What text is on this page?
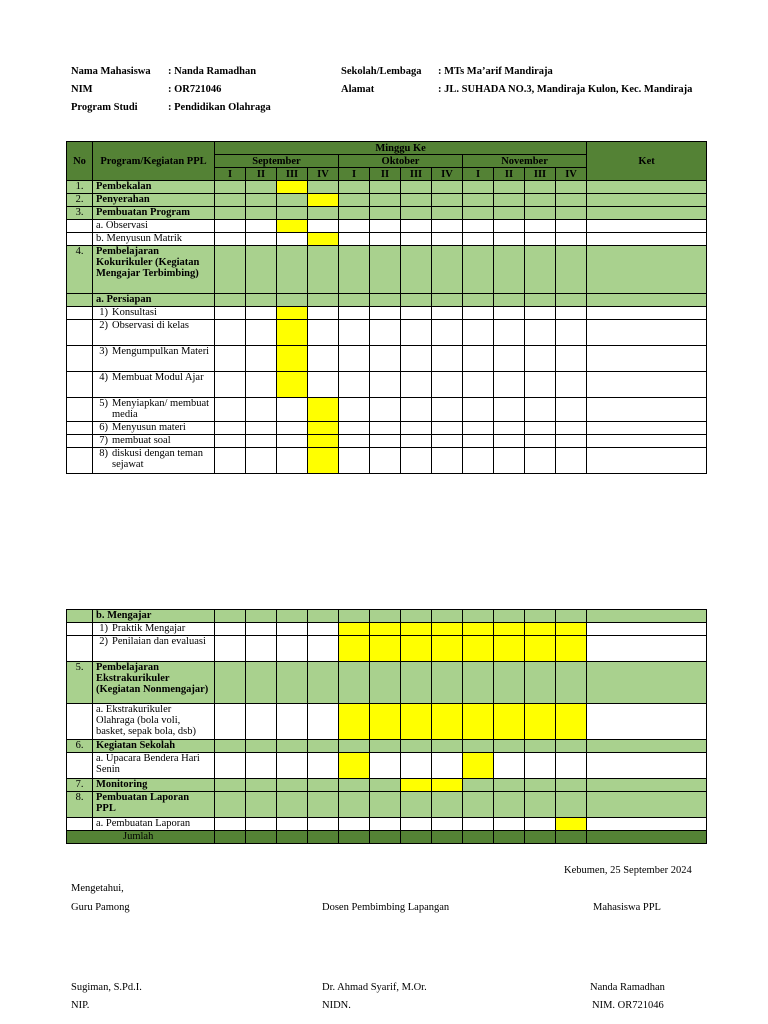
Nama Mahasiswa : Nanda Ramadhan
NIM	: OR721046
Program Studi	: Pendidikan Olahraga
Sekolah/Lembaga : MTs Ma’arif Mandiraja
Alamat	: JL. SUHADA NO.3, Mandiraja Kulon, Kec. Mandiraja
No	Program/Kegiatan PPL	Minggu Ke												Ket
		September				Oktober				November				
		I	II	III	IV	I	II	III	IV	I	II	III	IV	
1.	Pembekalan													
2.	Penyerahan													
3.	Pembuatan Program													
	a. Observasi													
	b. Menyusun Matrik													
4.	Pembelajaran Kokurikuler (Kegiatan Mengajar Terbimbing)													
	a. Persiapan													

	1) Konsultasi													

	2) Observasi di kelas													

	3) Mengumpulkan Materi													

	4) Membuat Modul Ajar													

	5) Menyiapkan/ membuat media													

	6) Menyusun materi													

	7) membuat soal													

	8) diskusi dengan teman sejawat													

	b. Mengajar													

	1) Praktik Mengajar													

	2) Penilaian dan evaluasi													

5.	Pembelajaran Ekstrakurikuler (Kegiatan Nonmengajar)													
	a. Ekstrakurikuler Olahraga (bola voli, basket, sepak bola, dsb)													
6.	Kegiatan Sekolah													
	a. Upacara Bendera Hari Senin													
7.	Monitoring													
8.	Pembuatan Laporan PPL													
	a. Pembuatan Laporan													
Jumlah														
Kebumen, 25 September 2024
Mengetahui,
Guru Pamong	Dosen Pembimbing Lapangan	Mahasiswa PPL
Sugiman, S.Pd.I.	Dr. Ahmad Syarif, M.Or.	Nanda Ramadhan
NIP.	NIDN.	NIM. OR721046
